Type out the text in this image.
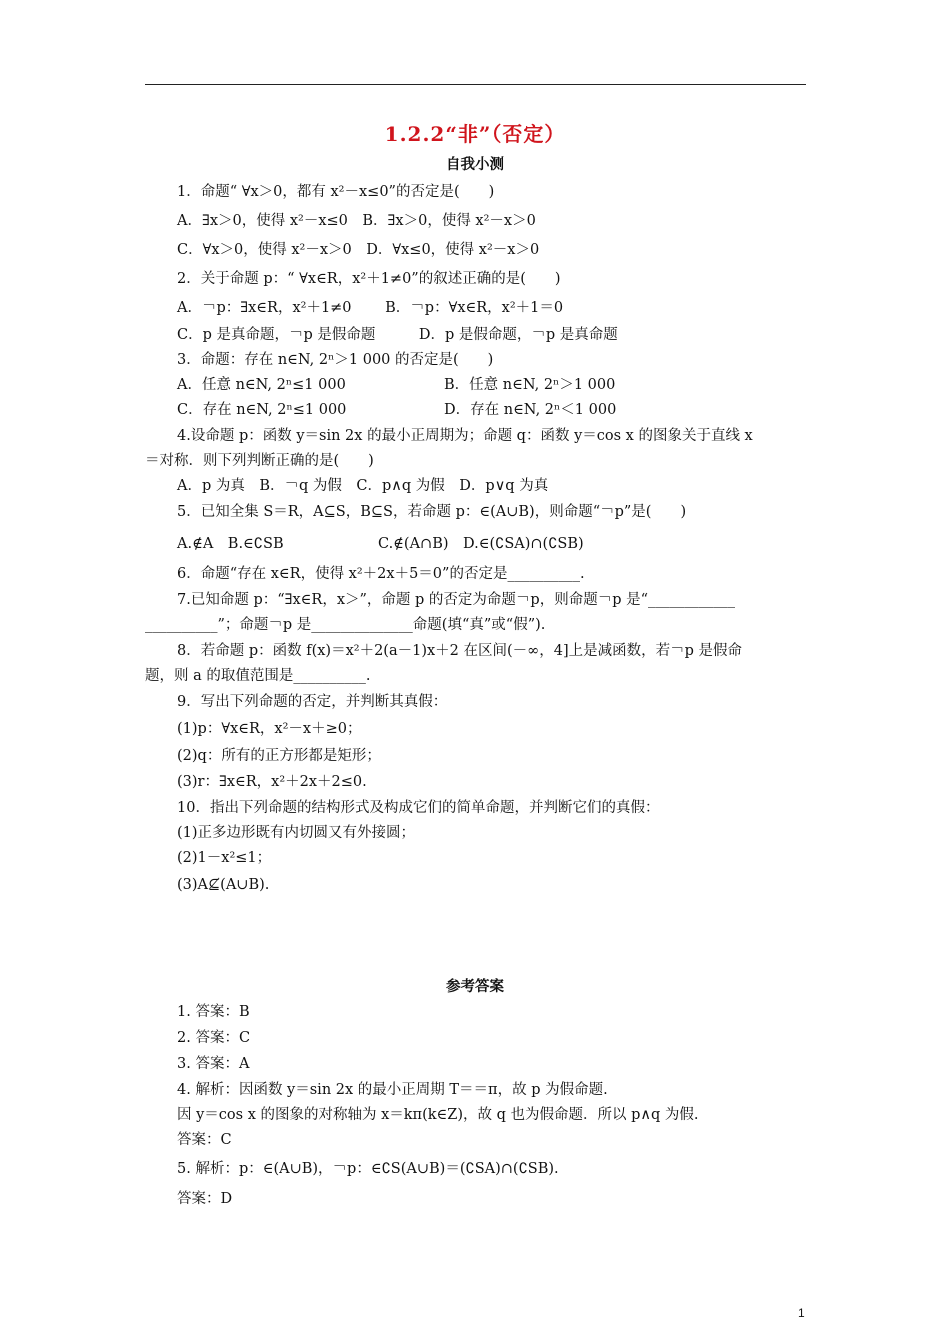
1.2.2“非”（否定）
自我小测
1．命题“ ∀x＞0，都有 x²－x≤0”的否定是(　　)
A．∃x＞0，使得 x²－x≤0　B．∃x＞0，使得 x²－x＞0
C．∀x＞0，使得 x²－x＞0　D．∀x≤0，使得 x²－x＞0
2．关于命题 p：“ ∀x∈R，x²＋1≠0”的叙述正确的是(　　)
A．￢p：∃x∈R，x²＋1≠0　　 B．￢p：∀x∈R，x²＋1＝0
C．p 是真命题，￢p 是假命题　　　D．p 是假命题，￢p 是真命题
3．命题：存在 n∈N, 2ⁿ＞1 000 的否定是(　　)
A．任意 n∈N, 2ⁿ≤1 000	B．任意 n∈N, 2ⁿ＞1 000
C．存在 n∈N, 2ⁿ≤1 000	D．存在 n∈N, 2ⁿ＜1 000
4.设命题 p：函数 y＝sin 2x 的最小正周期为；命题 q：函数 y＝cos x 的图象关于直线 x
＝对称．则下列判断正确的是(　　)
A．p 为真　B．￢q 为假　C．p∧q 为假　D．p∨q 为真
5．已知全集 S＝R，A⊆S，B⊆S，若命题 p：∈(A∪B)，则命题“￢p”是(　　)
A.∉A　B.∈∁SB	C.∉(A∩B)　D.∈(∁SA)∩(∁SB)
6．命题“存在 x∈R，使得 x²＋2x＋5＝0”的否定是__________.
7.已知命题 p：“∃x∈R，x＞”，命题 p 的否定为命题￢p，则命题￢p 是“____________
__________”；命题￢p 是______________命题(填“真”或“假”).
8．若命题 p：函数 f(x)＝x²＋2(a－1)x＋2 在区间(－∞，4]上是减函数，若￢p 是假命
题，则 a 的取值范围是__________.
9．写出下列命题的否定，并判断其真假：
(1)p：∀x∈R，x²－x＋≥0；
(2)q：所有的正方形都是矩形；
(3)r：∃x∈R，x²＋2x＋2≤0.
10．指出下列命题的结构形式及构成它们的简单命题，并判断它们的真假：
(1)正多边形既有内切圆又有外接圆；
(2)1－x²≤1；
(3)A⊈(A∪B).
参考答案
1. 答案：B
2. 答案：C
3. 答案：A
4. 解析：因函数 y＝sin 2x 的最小正周期 T＝＝π，故 p 为假命题.
因 y＝cos x 的图象的对称轴为 x＝kπ(k∈Z)，故 q 也为假命题．所以 p∧q 为假.
答案：C
5. 解析：p：∈(A∪B)，￢p：∈∁S(A∪B)＝(∁SA)∩(∁SB).
答案：D
1
